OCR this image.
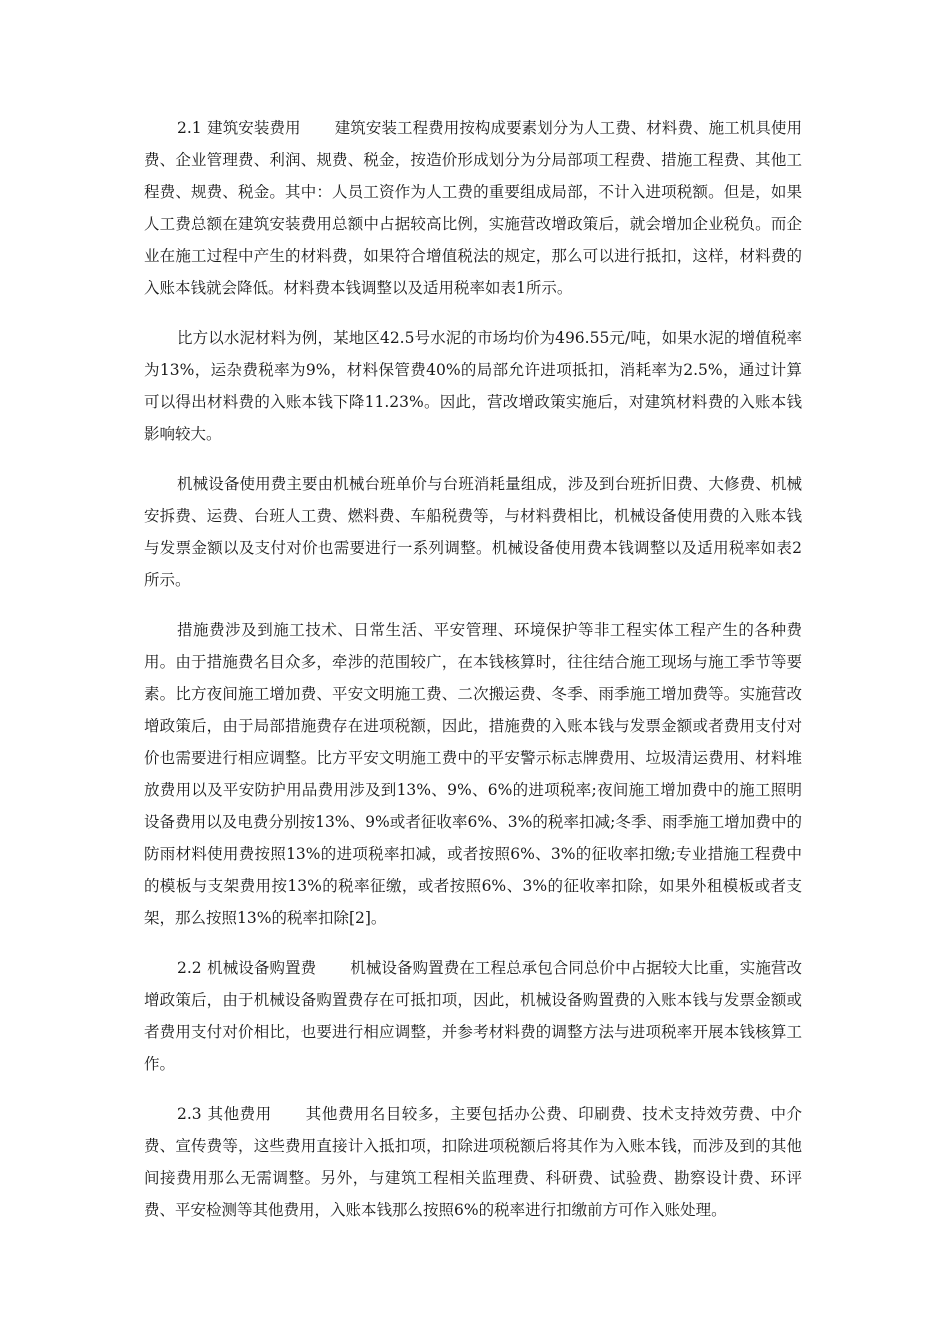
2.1 建筑安装费用 建筑安装工程费用按构成要素划分为人工费、材料费、施工机具使用费、企业管理费、利润、规费、税金，按造价形成划分为分局部项工程费、措施工程费、其他工程费、规费、税金。其中：人员工资作为人工费的重要组成局部，不计入进项税额。但是，如果人工费总额在建筑安装费用总额中占据较高比例，实施营改增政策后，就会增加企业税负。而企业在施工过程中产生的材料费，如果符合增值税法的规定，那么可以进行抵扣，这样，材料费的入账本钱就会降低。材料费本钱调整以及适用税率如表1所示。

比方以水泥材料为例，某地区42.5号水泥的市场均价为496.55元/吨，如果水泥的增值税率为13%，运杂费税率为9%，材料保管费40%的局部允许进项抵扣，消耗率为2.5%，通过计算可以得出材料费的入账本钱下降11.23%。因此，营改增政策实施后，对建筑材料费的入账本钱影响较大。

机械设备使用费主要由机械台班单价与台班消耗量组成，涉及到台班折旧费、大修费、机械安拆费、运费、台班人工费、燃料费、车船税费等，与材料费相比，机械设备使用费的入账本钱与发票金额以及支付对价也需要进行一系列调整。机械设备使用费本钱调整以及适用税率如表2所示。

措施费涉及到施工技术、日常生活、平安管理、环境保护等非工程实体工程产生的各种费用。由于措施费名目众多，牵涉的范围较广，在本钱核算时，往往结合施工现场与施工季节等要素。比方夜间施工增加费、平安文明施工费、二次搬运费、冬季、雨季施工增加费等。实施营改增政策后，由于局部措施费存在进项税额，因此，措施费的入账本钱与发票金额或者费用支付对价也需要进行相应调整。比方平安文明施工费中的平安警示标志牌费用、垃圾清运费用、材料堆放费用以及平安防护用品费用涉及到13%、9%、6%的进项税率;夜间施工增加费中的施工照明设备费用以及电费分别按13%、9%或者征收率6%、3%的税率扣减;冬季、雨季施工增加费中的防雨材料使用费按照13%的进项税率扣减，或者按照6%、3%的征收率扣缴;专业措施工程费中的模板与支架费用按13%的税率征缴，或者按照6%、3%的征收率扣除，如果外租模板或者支架，那么按照13%的税率扣除[2]。

2.2 机械设备购置费 机械设备购置费在工程总承包合同总价中占据较大比重，实施营改增政策后，由于机械设备购置费存在可抵扣项，因此，机械设备购置费的入账本钱与发票金额或者费用支付对价相比，也要进行相应调整，并参考材料费的调整方法与进项税率开展本钱核算工作。

2.3 其他费用 其他费用名目较多，主要包括办公费、印刷费、技术支持效劳费、中介费、宣传费等，这些费用直接计入抵扣项，扣除进项税额后将其作为入账本钱，而涉及到的其他间接费用那么无需调整。另外，与建筑工程相关监理费、科研费、试验费、勘察设计费、环评费、平安检测等其他费用，入账本钱那么按照6%的税率进行扣缴前方可作入账处理。
